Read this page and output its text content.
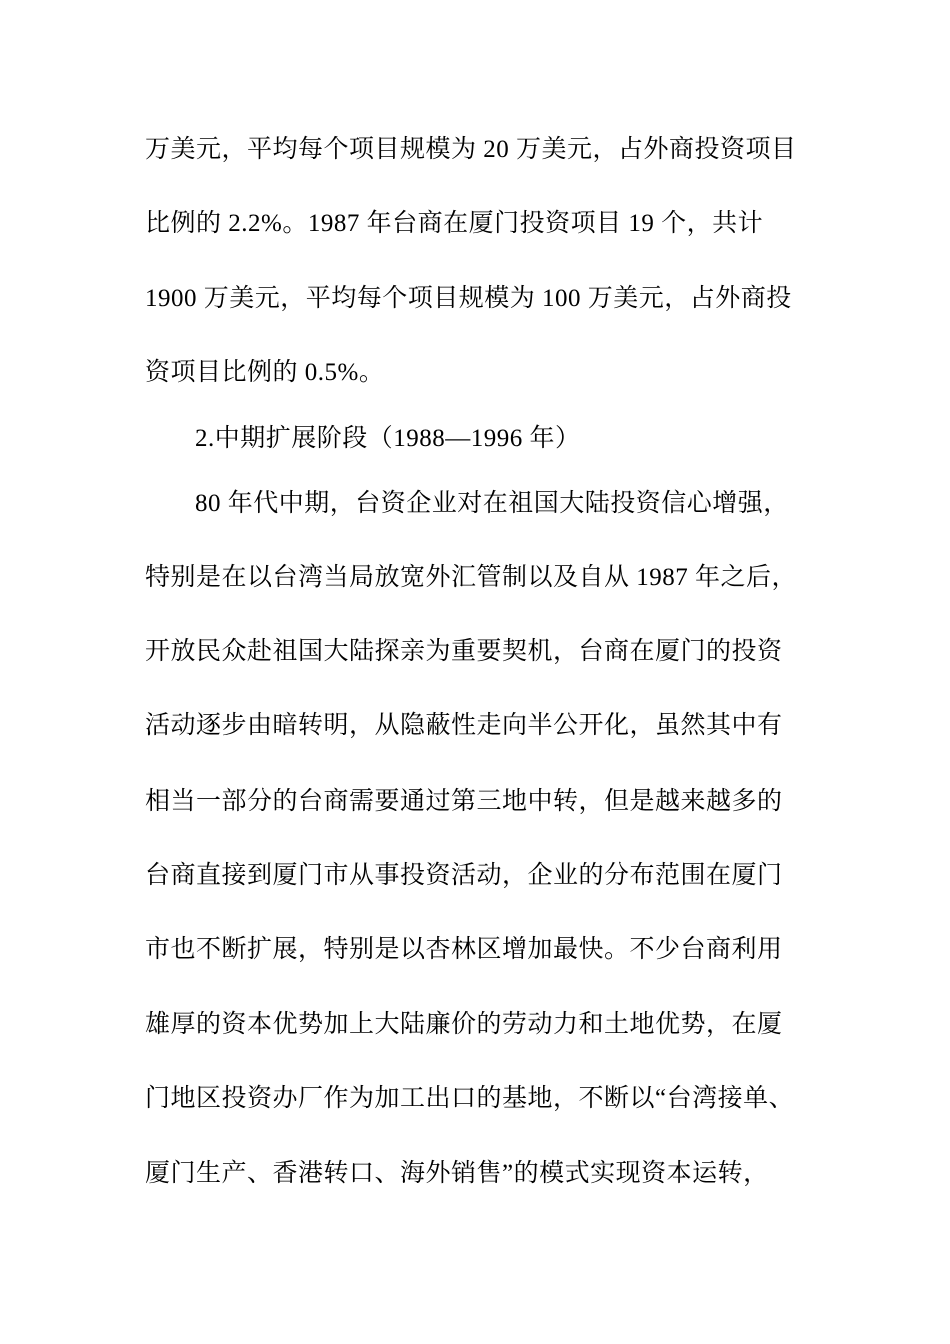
万美元，平均每个项目规模为 20 万美元，占外商投资项目
比例的 2.2%。1987 年台商在厦门投资项目 19 个，共计
1900 万美元，平均每个项目规模为 100 万美元，占外商投
资项目比例的 0.5%。
2.中期扩展阶段（1988—1996 年）
80 年代中期，台资企业对在祖国大陆投资信心增强，
特别是在以台湾当局放宽外汇管制以及自从 1987 年之后，
开放民众赴祖国大陆探亲为重要契机，台商在厦门的投资
活动逐步由暗转明，从隐蔽性走向半公开化，虽然其中有
相当一部分的台商需要通过第三地中转，但是越来越多的
台商直接到厦门市从事投资活动，企业的分布范围在厦门
市也不断扩展，特别是以杏林区增加最快。不少台商利用
雄厚的资本优势加上大陆廉价的劳动力和土地优势，在厦
门地区投资办厂作为加工出口的基地，不断以“台湾接单、
厦门生产、香港转口、海外销售”的模式实现资本运转，
